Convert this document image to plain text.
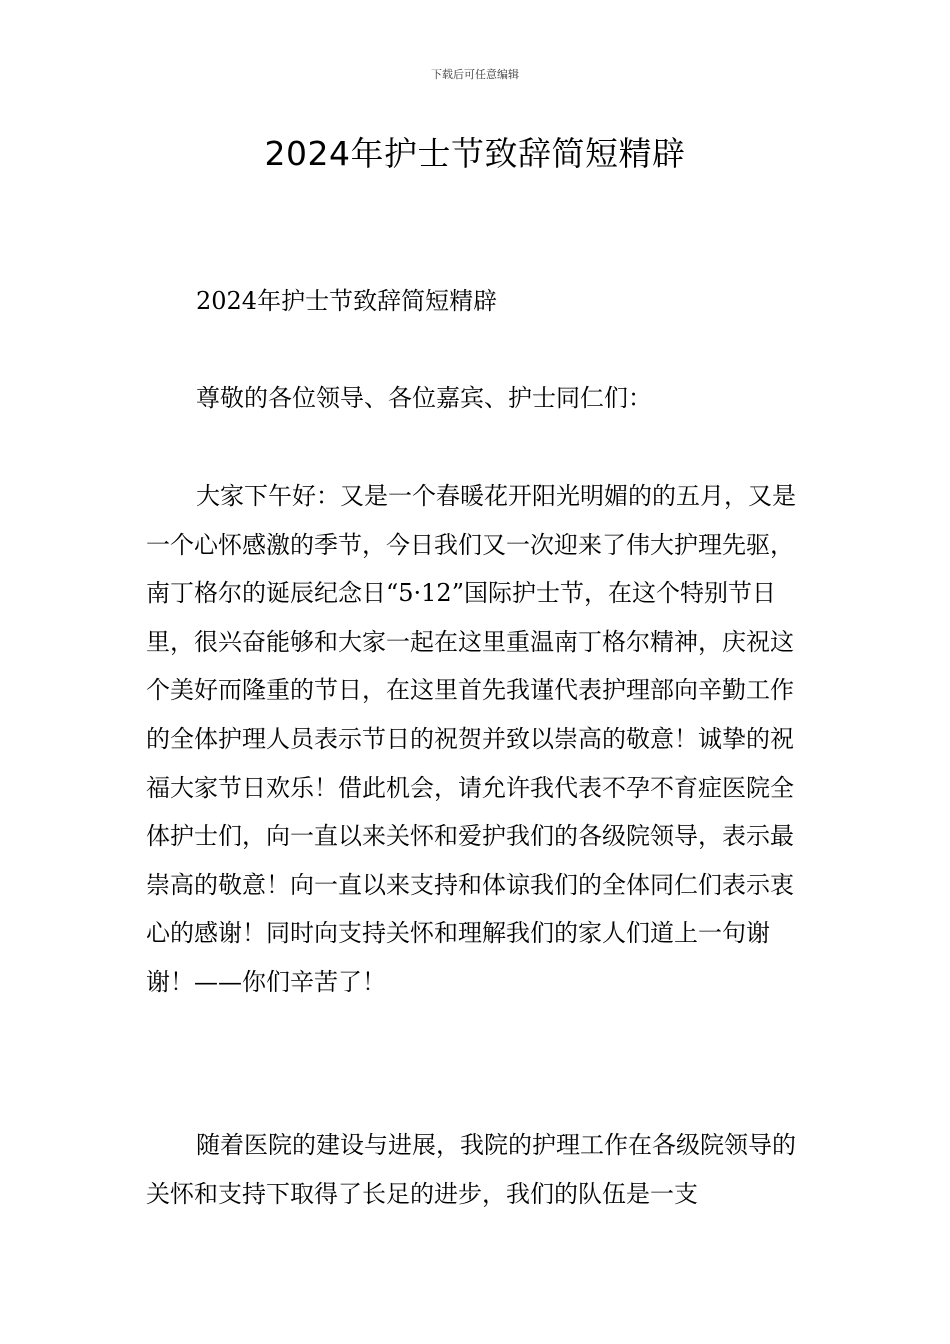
下载后可任意编辑
2024年护士节致辞简短精辟

2024年护士节致辞简短精辟

尊敬的各位领导、各位嘉宾、护士同仁们：

大家下午好：又是一个春暖花开阳光明媚的的五月，又是一个心怀感激的季节，今日我们又一次迎来了伟大护理先驱，南丁格尔的诞辰纪念日“5·12”国际护士节，在这个特别节日里，很兴奋能够和大家一起在这里重温南丁格尔精神，庆祝这个美好而隆重的节日，在这里首先我谨代表护理部向辛勤工作的全体护理人员表示节日的祝贺并致以崇高的敬意！诚挚的祝福大家节日欢乐！借此机会，请允许我代表不孕不育症医院全体护士们，向一直以来关怀和爱护我们的各级院领导，表示最崇高的敬意！向一直以来支持和体谅我们的全体同仁们表示衷心的感谢！同时向支持关怀和理解我们的家人们道上一句谢谢！——你们辛苦了！

随着医院的建设与进展，我院的护理工作在各级院领导的关怀和支持下取得了长足的进步，我们的队伍是一支
